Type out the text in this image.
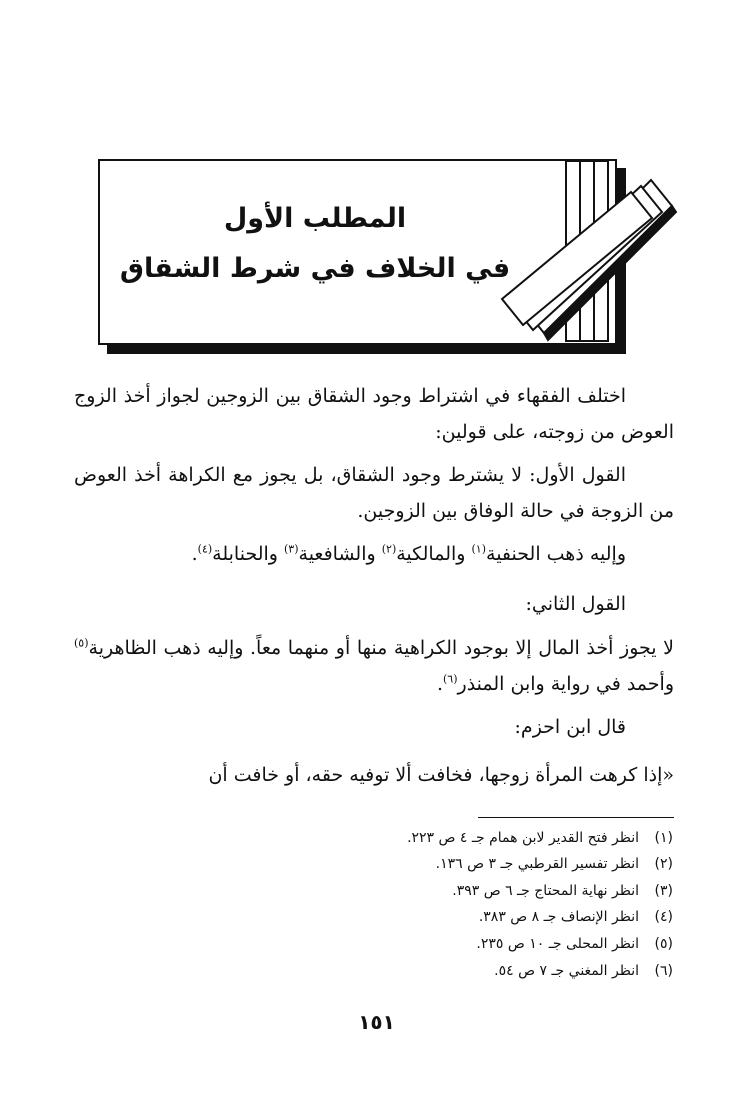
المطلب الأول
في الخلاف في شرط الشقاق

اختلف الفقهاء في اشتراط وجود الشقاق بين الزوجين لجواز أخذ الزوج العوض من زوجته، على قولين:

القول الأول: لا يشترط وجود الشقاق، بل يجوز مع الكراهة أخذ العوض من الزوجة في حالة الوفاق بين الزوجين.

وإليه ذهب الحنفية$^{(١)}$ والمالكية$^{(٢)}$ والشافعية$^{(٣)}$ والحنابلة$^{(٤)}$.

القول الثاني:

لا يجوز أخذ المال إلا بوجود الكراهية منها أو منهما معاً. وإليه ذهب الظاهرية$^{(٥)}$ وأحمد في رواية وابن المنذر$^{(٦)}$.

قال ابن احزم:

«إذا كرهت المرأة زوجها، فخافت ألا توفيه حقه، أو خافت أن

(١)انظر فتح القدير لابن همام جـ ٤ ص ٢٢٣.
(٢)انظر تفسير القرطبي جـ ٣ ص ١٣٦.
(٣)انظر نهاية المحتاج جـ ٦ ص ٣٩٣.
(٤)انظر الإنصاف جـ ٨ ص ٣٨٣.
(٥)انظر المحلى جـ ١٠ ص ٢٣٥.
(٦)انظر المغني جـ ٧ ص ٥٤.
١٥١
